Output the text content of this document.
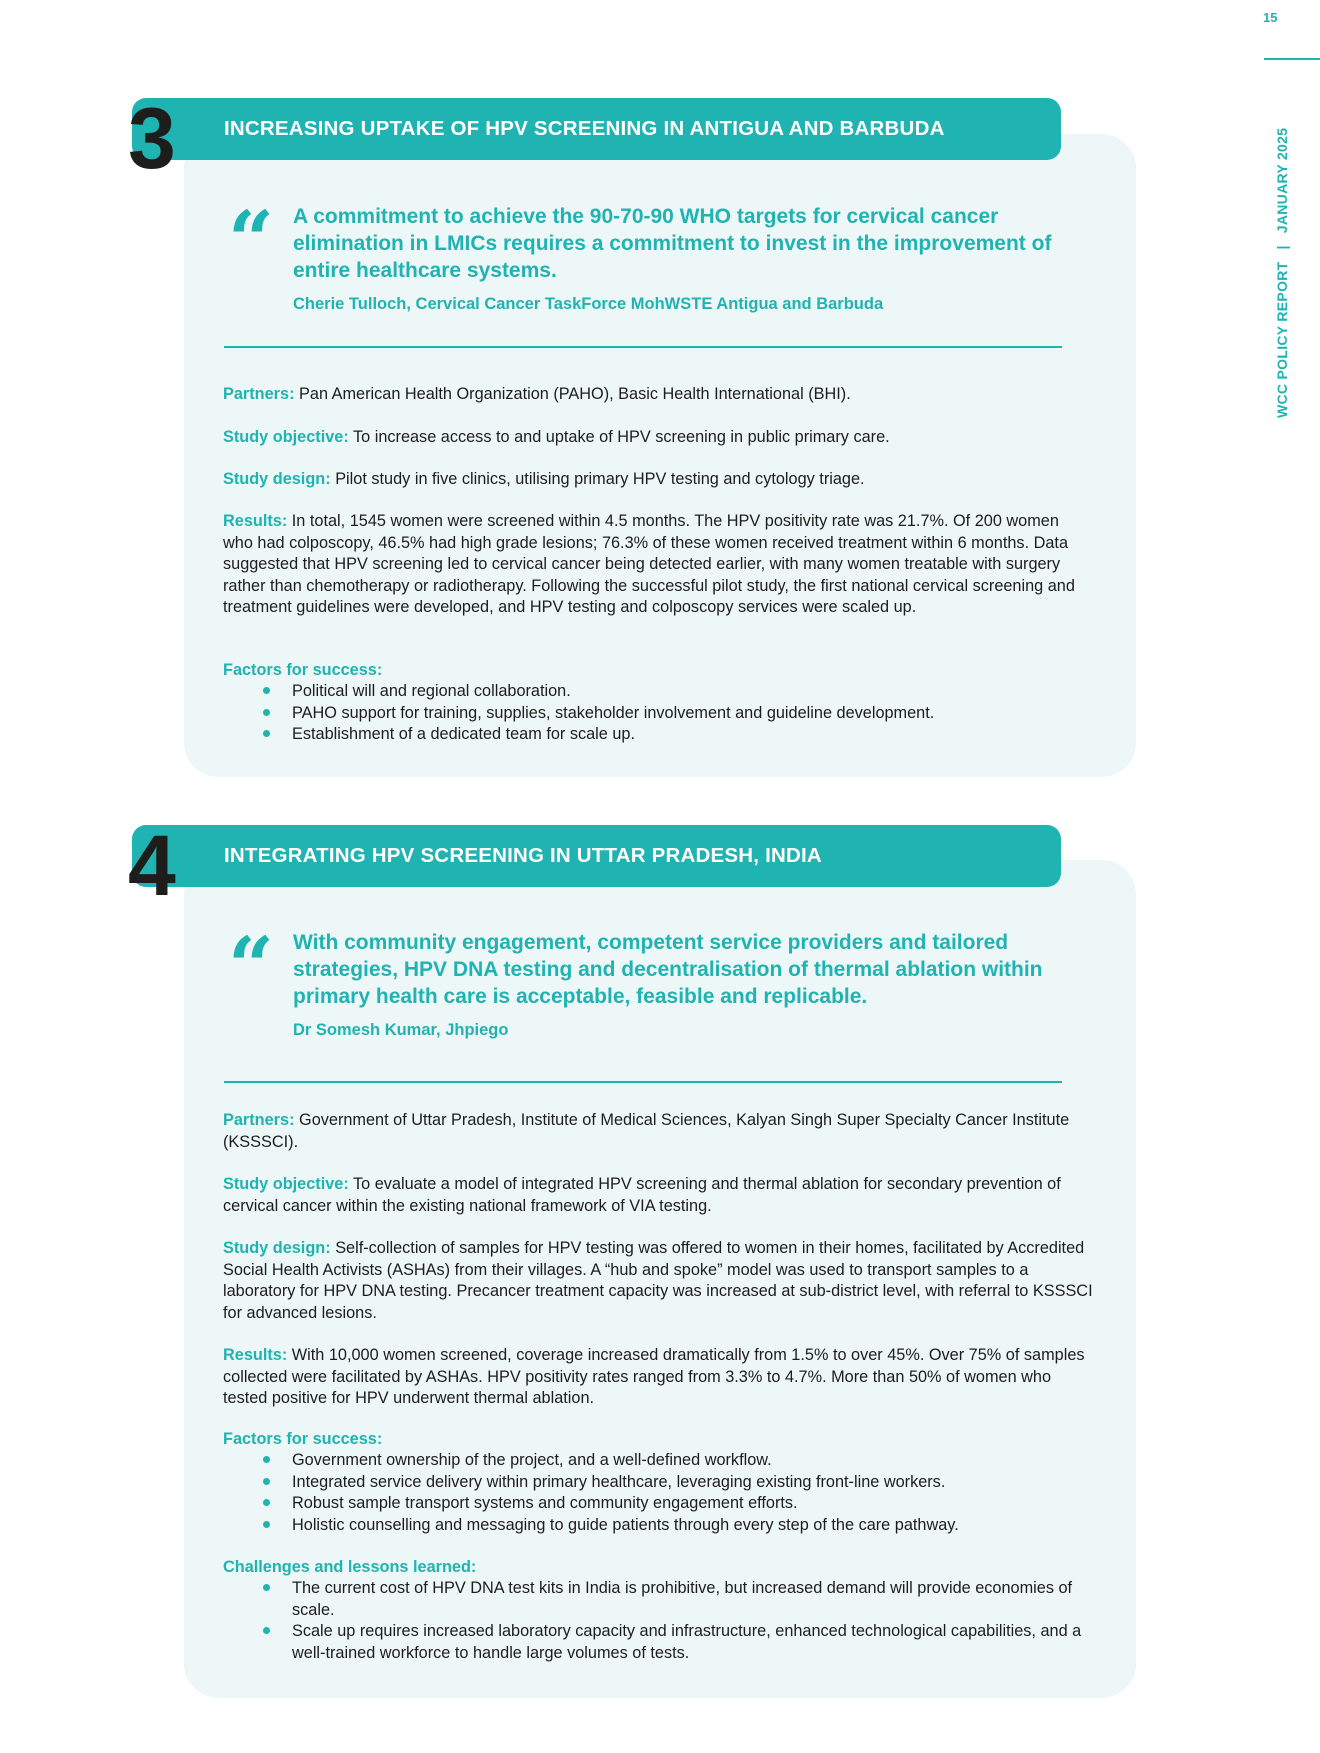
15
WCC POLICY REPORT|JANUARY 2025
INCREASING UPTAKE OF HPV SCREENING IN ANTIGUA AND BARBUDA
3
“ A commitment to achieve the 90-70-90 WHO targets for cervical cancer elimination in LMICs requires a commitment to invest in the improvement of entire healthcare systems.
Cherie Tulloch, Cervical Cancer TaskForce MohWSTE Antigua and Barbuda
Partners: Pan American Health Organization (PAHO), Basic Health International (BHI).
Study objective: To increase access to and uptake of HPV screening in public primary care.
Study design: Pilot study in five clinics, utilising primary HPV testing and cytology triage.
Results: In total, 1545 women were screened within 4.5 months. The HPV positivity rate was 21.7%. Of 200 women who had colposcopy, 46.5% had high grade lesions; 76.3% of these women received treatment within 6 months. Data suggested that HPV screening led to cervical cancer being detected earlier, with many women treatable with surgery rather than chemotherapy or radiotherapy. Following the successful pilot study, the first national cervical screening and treatment guidelines were developed, and HPV testing and colposcopy services were scaled up.
Factors for success:
Political will and regional collaboration.
PAHO support for training, supplies, stakeholder involvement and guideline development.
Establishment of a dedicated team for scale up.
INTEGRATING HPV SCREENING IN UTTAR PRADESH, INDIA
4
“ With community engagement, competent service providers and tailored strategies, HPV DNA testing and decentralisation of thermal ablation within primary health care is acceptable, feasible and replicable.
Dr Somesh Kumar, Jhpiego
Partners: Government of Uttar Pradesh, Institute of Medical Sciences, Kalyan Singh Super Specialty Cancer Institute (KSSSCI).
Study objective: To evaluate a model of integrated HPV screening and thermal ablation for secondary prevention of cervical cancer within the existing national framework of VIA testing.
Study design: Self-collection of samples for HPV testing was offered to women in their homes, facilitated by Accredited Social Health Activists (ASHAs) from their villages. A “hub and spoke” model was used to transport samples to a laboratory for HPV DNA testing. Precancer treatment capacity was increased at sub-district level, with referral to KSSSCI for advanced lesions.
Results: With 10,000 women screened, coverage increased dramatically from 1.5% to over 45%. Over 75% of samples collected were facilitated by ASHAs. HPV positivity rates ranged from 3.3% to 4.7%. More than 50% of women who tested positive for HPV underwent thermal ablation.
Factors for success:
Government ownership of the project, and a well-defined workflow.
Integrated service delivery within primary healthcare, leveraging existing front-line workers.
Robust sample transport systems and community engagement efforts.
Holistic counselling and messaging to guide patients through every step of the care pathway.
Challenges and lessons learned:
The current cost of HPV DNA test kits in India is prohibitive, but increased demand will provide economies of scale.
Scale up requires increased laboratory capacity and infrastructure, enhanced technological capabilities, and a well-trained workforce to handle large volumes of tests.
